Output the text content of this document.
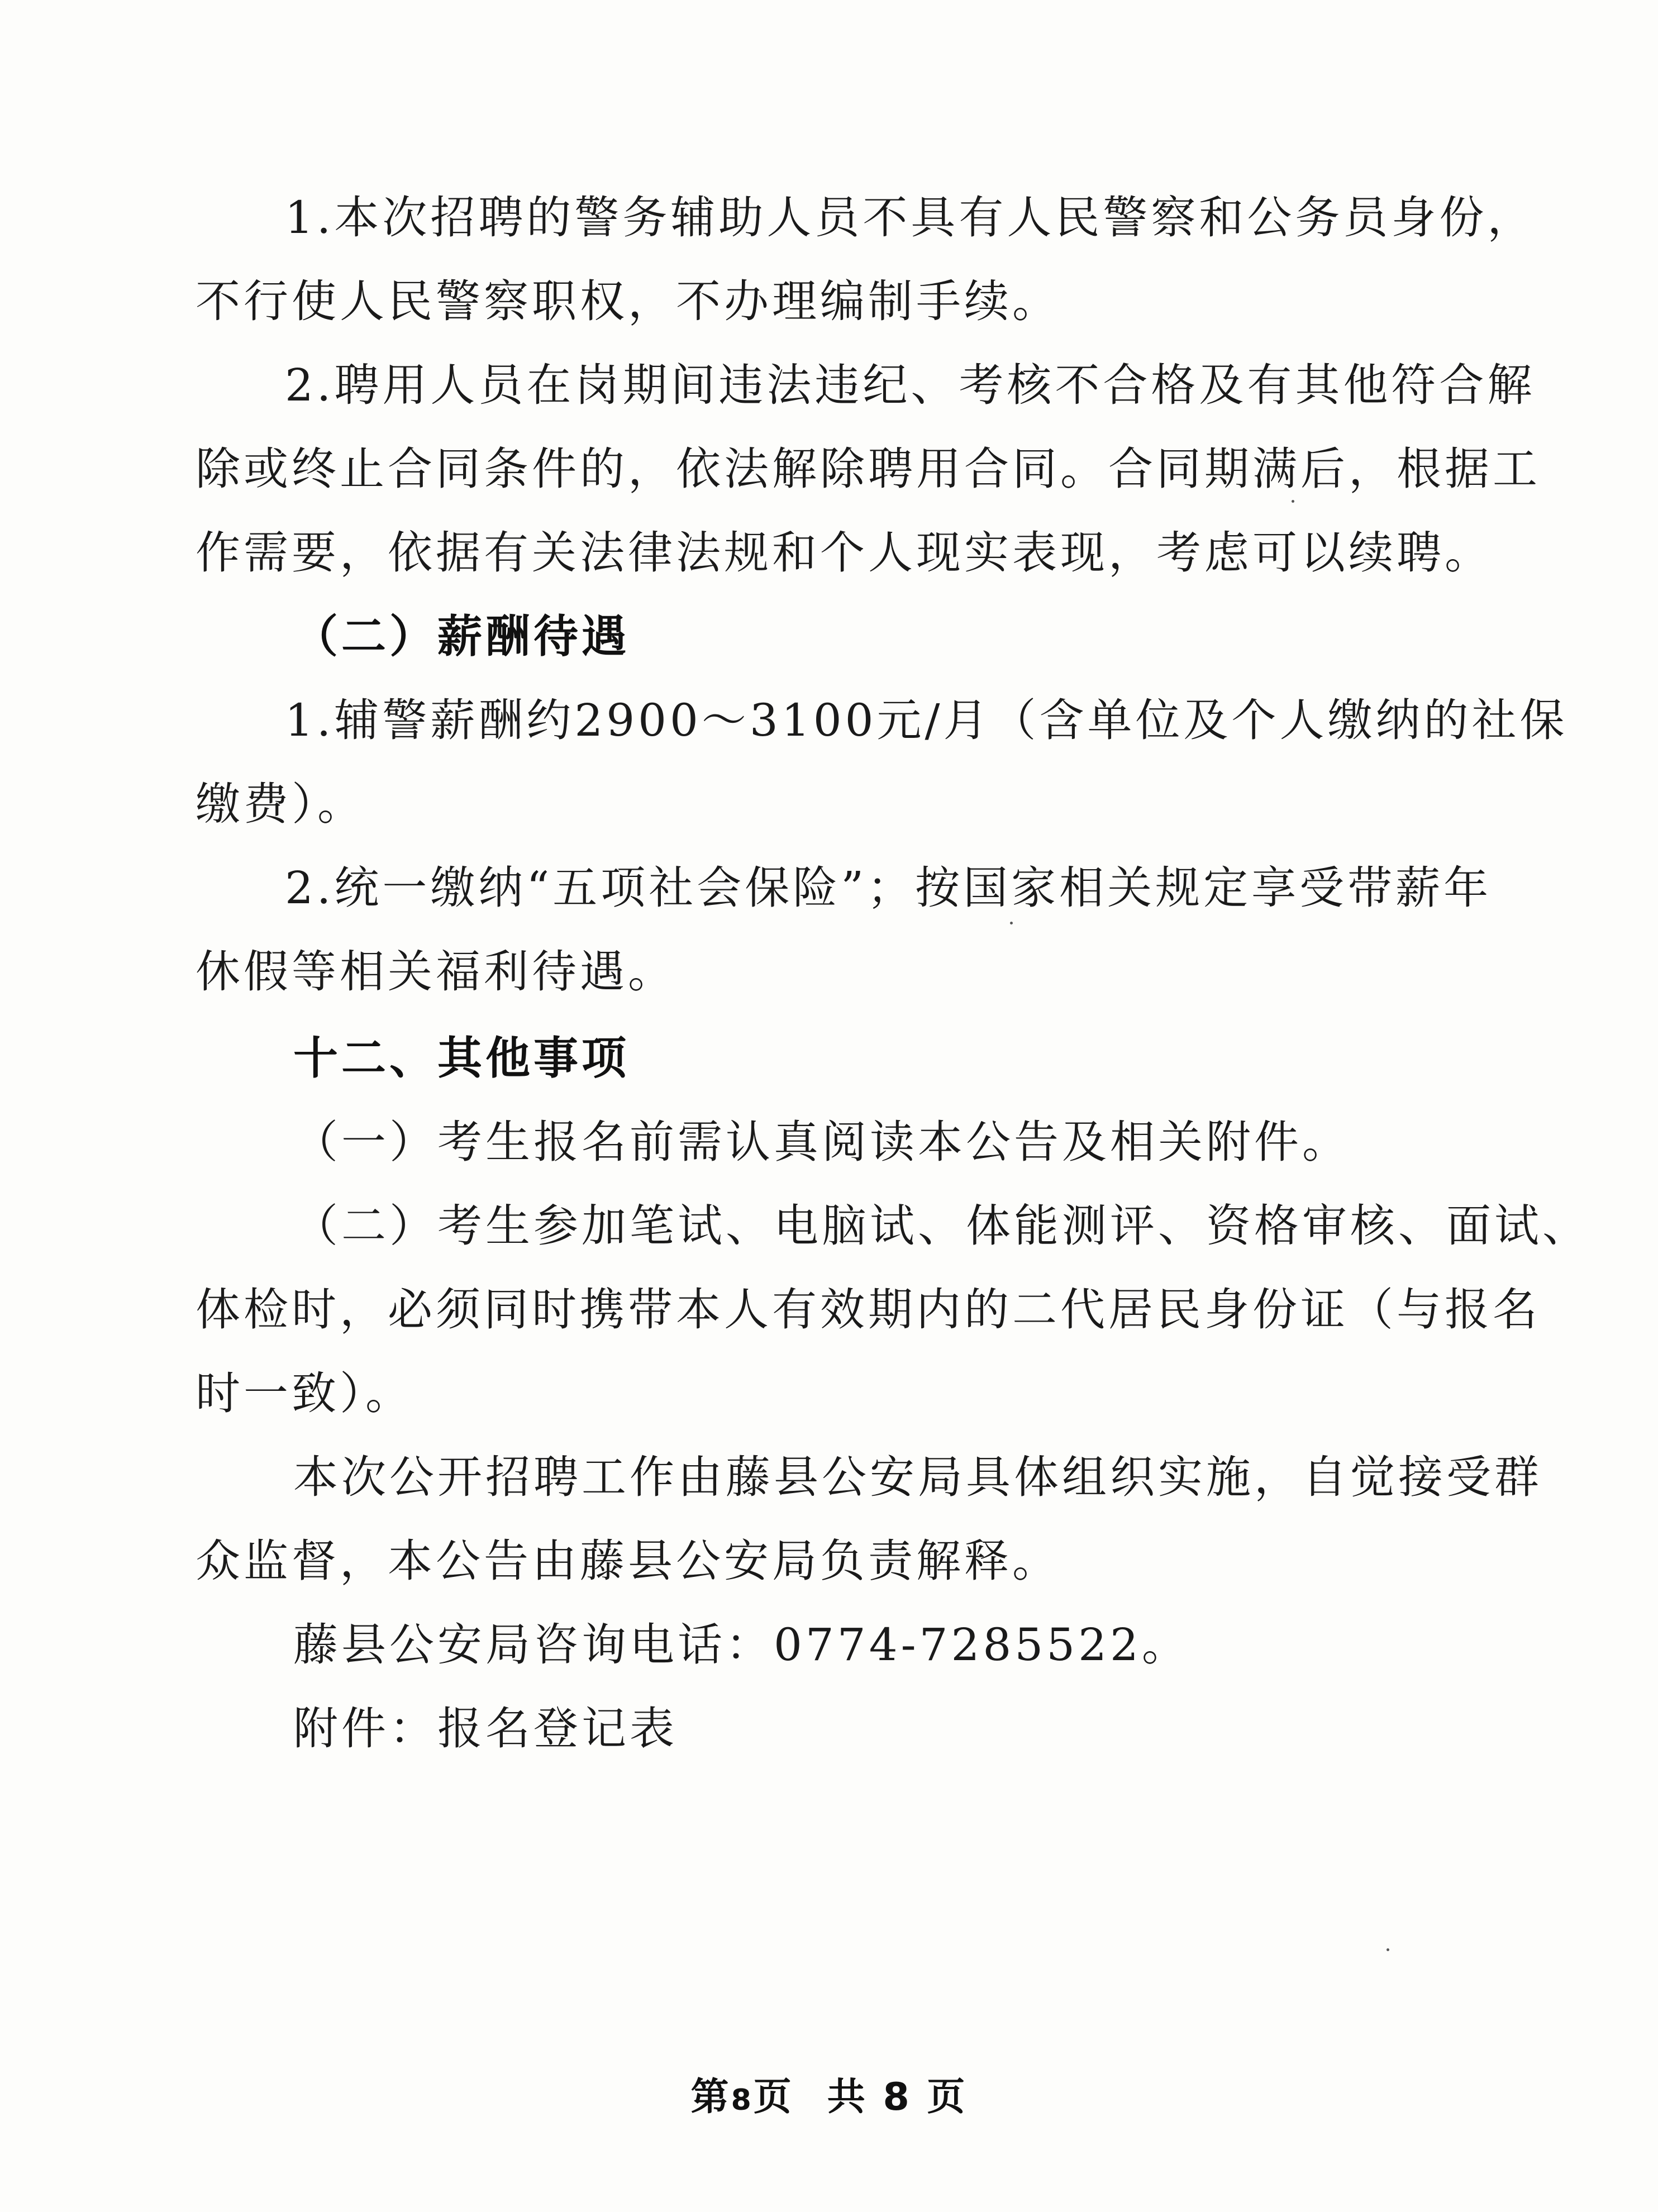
1.本次招聘的警务辅助人员不具有人民警察和公务员身份，

不行使人民警察职权，不办理编制手续。

2.聘用人员在岗期间违法违纪、考核不合格及有其他符合解

除或终止合同条件的，依法解除聘用合同。合同期满后，根据工

作需要，依据有关法律法规和个人现实表现，考虑可以续聘。

（二）薪酬待遇

1.辅警薪酬约2900～3100元/月（含单位及个人缴纳的社保

缴费）。

2.统一缴纳“五项社会保险”；按国家相关规定享受带薪年

休假等相关福利待遇。

十二、其他事项

（一）考生报名前需认真阅读本公告及相关附件。

（二）考生参加笔试、电脑试、体能测评、资格审核、面试、

体检时，必须同时携带本人有效期内的二代居民身份证（与报名

时一致）。

本次公开招聘工作由藤县公安局具体组织实施，自觉接受群

众监督，本公告由藤县公安局负责解释。

藤县公安局咨询电话：0774-7285522。

附件：报名登记表

第8页 共 8 页
